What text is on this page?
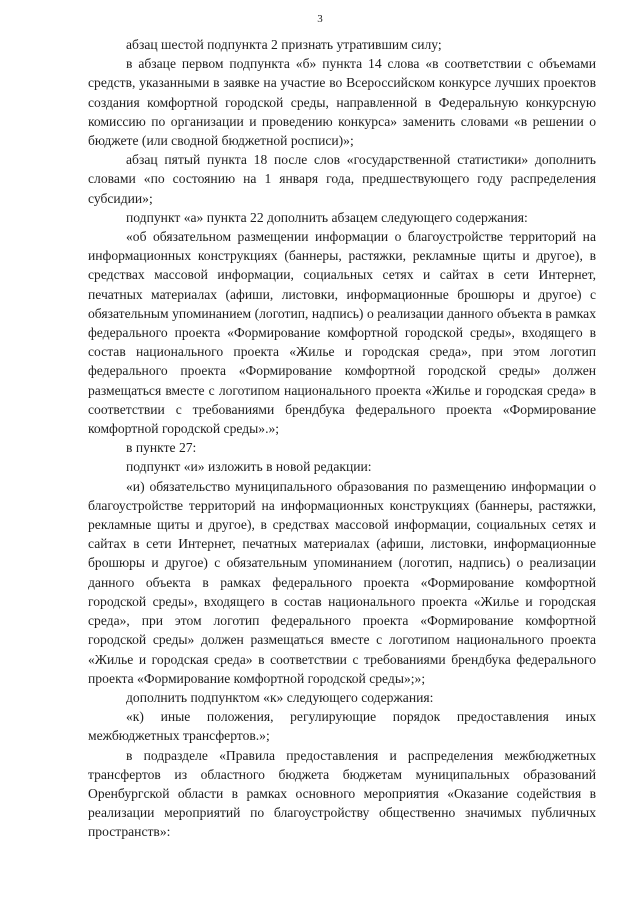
3

абзац шестой подпункта 2 признать утратившим силу;

в абзаце первом подпункта «б» пункта 14 слова «в соответствии с объемами средств, указанными в заявке на участие во Всероссийском конкурсе лучших проектов создания комфортной городской среды, направленной в Федеральную конкурсную комиссию по организации и проведению конкурса» заменить словами «в решении о бюджете (или сводной бюджетной росписи)»;

абзац пятый пункта 18 после слов «государственной статистики» дополнить словами «по состоянию на 1 января года, предшествующего году распределения субсидии»;

подпункт «а» пункта 22 дополнить абзацем следующего содержания:

«об обязательном размещении информации о благоустройстве территорий на информационных конструкциях (баннеры, растяжки, рекламные щиты и другое), в средствах массовой информации, социальных сетях и сайтах в сети Интернет, печатных материалах (афиши, листовки, информационные брошюры и другое) с обязательным упоминанием (логотип, надпись) о реализации данного объекта в рамках федерального проекта «Формирование комфортной городской среды», входящего в состав национального проекта «Жилье и городская среда», при этом логотип федерального проекта «Формирование комфортной городской среды» должен размещаться вместе с логотипом национального проекта «Жилье и городская среда» в соответствии с требованиями брендбука федерального проекта «Формирование комфортной городской среды».»;

в пункте 27:

подпункт «и» изложить в новой редакции:

«и) обязательство муниципального образования по размещению информации о благоустройстве территорий на информационных конструкциях (баннеры, растяжки, рекламные щиты и другое), в средствах массовой информации, социальных сетях и сайтах в сети Интернет, печатных материалах (афиши, листовки, информационные брошюры и другое) с обязательным упоминанием (логотип, надпись) о реализации данного объекта в рамках федерального проекта «Формирование комфортной городской среды», входящего в состав национального проекта «Жилье и городская среда», при этом логотип федерального проекта «Формирование комфортной городской среды» должен размещаться вместе с логотипом национального проекта «Жилье и городская среда» в соответствии с требованиями брендбука федерального проекта «Формирование комфортной городской среды»;»;

дополнить подпунктом «к» следующего содержания:

«к) иные положения, регулирующие порядок предоставления иных межбюджетных трансфертов.»;

в подразделе «Правила предоставления и распределения межбюджетных трансфертов из областного бюджета бюджетам муниципальных образований Оренбургской области в рамках основного мероприятия «Оказание содействия в реализации мероприятий по благоустройству общественно значимых публичных пространств»:
